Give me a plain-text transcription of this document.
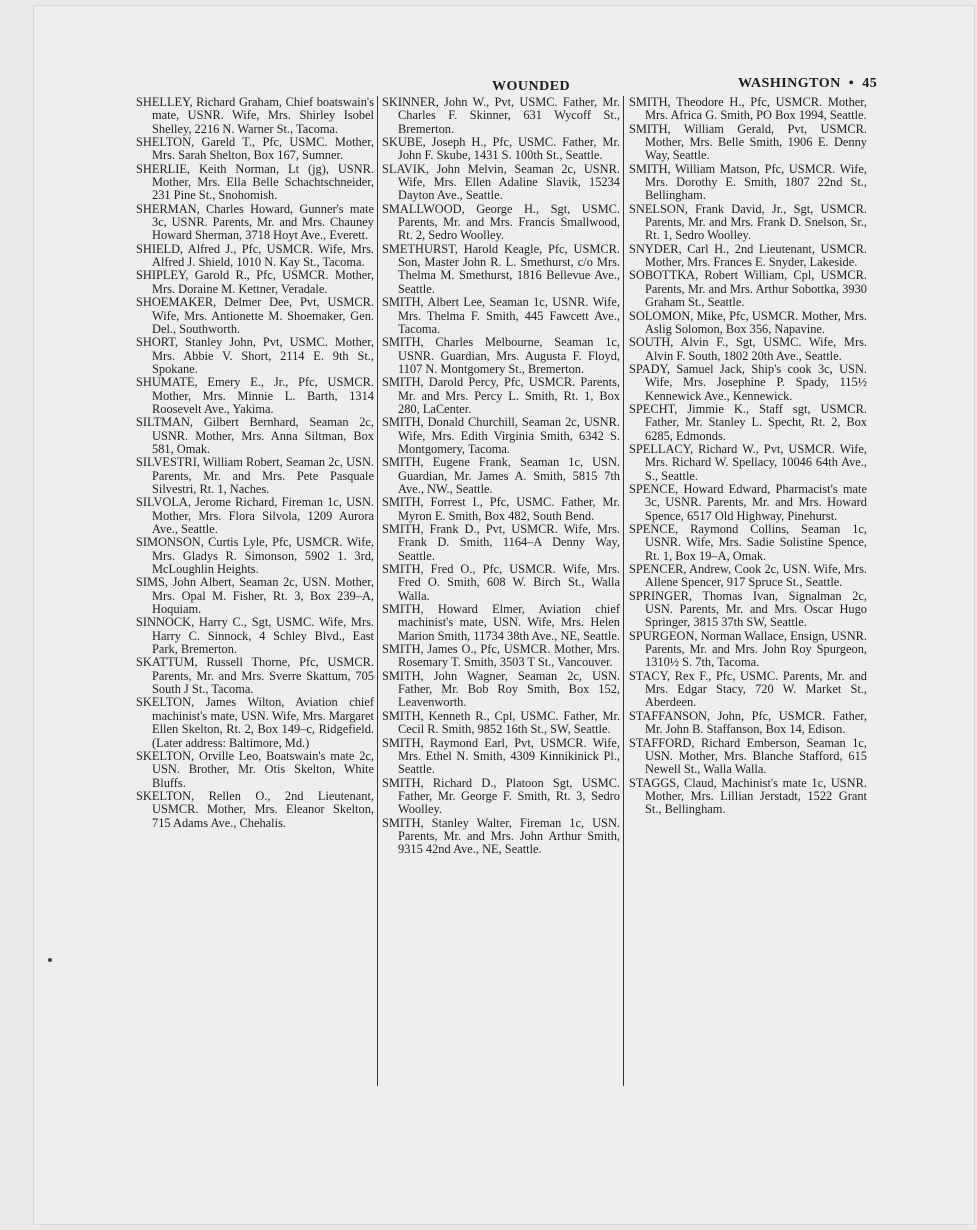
WOUNDED	WASHINGTON • 45

SHELLEY, Richard Graham, Chief boatswain's mate, USNR. Wife, Mrs. Shirley Isobel Shelley, 2216 N. Warner St., Tacoma.

SHELTON, Gareld T., Pfc, USMC. Mother, Mrs. Sarah Shelton, Box 167, Sumner.

SHERLIE, Keith Norman, Lt (jg), USNR. Mother, Mrs. Ella Belle Schachtschneider, 231 Pine St., Snohomish.

SHERMAN, Charles Howard, Gunner's mate 3c, USNR. Parents, Mr. and Mrs. Chauney Howard Sherman, 3718 Hoyt Ave., Everett.

SHIELD, Alfred J., Pfc, USMCR. Wife, Mrs. Alfred J. Shield, 1010 N. Kay St., Tacoma.

SHIPLEY, Garold R., Pfc, USMCR. Mother, Mrs. Doraine M. Kettner, Veradale.

SHOEMAKER, Delmer Dee, Pvt, USMCR. Wife, Mrs. Antionette M. Shoemaker, Gen. Del., Southworth.

SHORT, Stanley John, Pvt, USMC. Mother, Mrs. Abbie V. Short, 2114 E. 9th St., Spokane.

SHUMATE, Emery E., Jr., Pfc, USMCR. Mother, Mrs. Minnie L. Barth, 1314 Roosevelt Ave., Yakima.

SILTMAN, Gilbert Bernhard, Seaman 2c, USNR. Mother, Mrs. Anna Siltman, Box 581, Omak.

SILVESTRI, William Robert, Seaman 2c, USN. Parents, Mr. and Mrs. Pete Pasquale Silvestri, Rt. 1, Naches.

SILVOLA, Jerome Richard, Fireman 1c, USN. Mother, Mrs. Flora Silvola, 1209 Aurora Ave., Seattle.

SIMONSON, Curtis Lyle, Pfc, USMCR. Wife, Mrs. Gladys R. Simonson, 5902 1. 3rd, McLoughlin Heights.

SIMS, John Albert, Seaman 2c, USN. Mother, Mrs. Opal M. Fisher, Rt. 3, Box 239–A, Hoquiam.

SINNOCK, Harry C., Sgt, USMC. Wife, Mrs. Harry C. Sinnock, 4 Schley Blvd., East Park, Bremerton.

SKATTUM, Russell Thorne, Pfc, USMCR. Parents, Mr. and Mrs. Sverre Skattum, 705 South J St., Tacoma.

SKELTON, James Wilton, Aviation chief machinist's mate, USN. Wife, Mrs. Margaret Ellen Skelton, Rt. 2, Box 149–c, Ridgefield. (Later address: Baltimore, Md.)

SKELTON, Orville Leo, Boatswain's mate 2c, USN. Brother, Mr. Otis Skelton, White Bluffs.

SKELTON, Rellen O., 2nd Lieutenant, USMCR. Mother, Mrs. Eleanor Skelton, 715 Adams Ave., Chehalis.

SKINNER, John W., Pvt, USMC. Father, Mr. Charles F. Skinner, 631 Wycoff St., Bremerton.

SKUBE, Joseph H., Pfc, USMC. Father, Mr. John F. Skube, 1431 S. 100th St., Seattle.

SLAVIK, John Melvin, Seaman 2c, USNR. Wife, Mrs. Ellen Adaline Slavik, 15234 Dayton Ave., Seattle.

SMALLWOOD, George H., Sgt, USMC. Parents, Mr. and Mrs. Francis Smallwood, Rt. 2, Sedro Woolley.

SMETHURST, Harold Keagle, Pfc, USMCR. Son, Master John R. L. Smethurst, c/o Mrs. Thelma M. Smethurst, 1816 Bellevue Ave., Seattle.

SMITH, Albert Lee, Seaman 1c, USNR. Wife, Mrs. Thelma F. Smith, 445 Fawcett Ave., Tacoma.

SMITH, Charles Melbourne, Seaman 1c, USNR. Guardian, Mrs. Augusta F. Floyd, 1107 N. Montgomery St., Bremerton.

SMITH, Darold Percy, Pfc, USMCR. Parents, Mr. and Mrs. Percy L. Smith, Rt. 1, Box 280, LaCenter.

SMITH, Donald Churchill, Seaman 2c, USNR. Wife, Mrs. Edith Virginia Smith, 6342 S. Montgomery, Tacoma.

SMITH, Eugene Frank, Seaman 1c, USN. Guardian, Mr. James A. Smith, 5815 7th Ave., NW., Seattle.

SMITH, Forrest I., Pfc, USMC. Father, Mr. Myron E. Smith, Box 482, South Bend.

SMITH, Frank D., Pvt, USMCR. Wife, Mrs. Frank D. Smith, 1164–A Denny Way, Seattle.

SMITH, Fred O., Pfc, USMCR. Wife, Mrs. Fred O. Smith, 608 W. Birch St., Walla Walla.

SMITH, Howard Elmer, Aviation chief machinist's mate, USN. Wife, Mrs. Helen Marion Smith, 11734 38th Ave., NE, Seattle.

SMITH, James O., Pfc, USMCR. Mother, Mrs. Rosemary T. Smith, 3503 T St., Vancouver.

SMITH, John Wagner, Seaman 2c, USN. Father, Mr. Bob Roy Smith, Box 152, Leavenworth.

SMITH, Kenneth R., Cpl, USMC. Father, Mr. Cecil R. Smith, 9852 16th St., SW, Seattle.

SMITH, Raymond Earl, Pvt, USMCR. Wife, Mrs. Ethel N. Smith, 4309 Kinnikinick Pl., Seattle.

SMITH, Richard D., Platoon Sgt, USMC. Father, Mr. George F. Smith, Rt. 3, Sedro Woolley.

SMITH, Stanley Walter, Fireman 1c, USN. Parents, Mr. and Mrs. John Arthur Smith, 9315 42nd Ave., NE, Seattle.

SMITH, Theodore H., Pfc, USMCR. Mother, Mrs. Africa G. Smith, PO Box 1994, Seattle.

SMITH, William Gerald, Pvt, USMCR. Mother, Mrs. Belle Smith, 1906 E. Denny Way, Seattle.

SMITH, William Matson, Pfc, USMCR. Wife, Mrs. Dorothy E. Smith, 1807 22nd St., Bellingham.

SNELSON, Frank David, Jr., Sgt, USMCR. Parents, Mr. and Mrs. Frank D. Snelson, Sr., Rt. 1, Sedro Woolley.

SNYDER, Carl H., 2nd Lieutenant, USMCR. Mother, Mrs. Frances E. Snyder, Lakeside.

SOBOTTKA, Robert William, Cpl, USMCR. Parents, Mr. and Mrs. Arthur Sobottka, 3930 Graham St., Seattle.

SOLOMON, Mike, Pfc, USMCR. Mother, Mrs. Aslig Solomon, Box 356, Napavine.

SOUTH, Alvin F., Sgt, USMC. Wife, Mrs. Alvin F. South, 1802 20th Ave., Seattle.

SPADY, Samuel Jack, Ship's cook 3c, USN. Wife, Mrs. Josephine P. Spady, 115½ Kennewick Ave., Kennewick.

SPECHT, Jimmie K., Staff sgt, USMCR. Father, Mr. Stanley L. Specht, Rt. 2, Box 6285, Edmonds.

SPELLACY, Richard W., Pvt, USMCR. Wife, Mrs. Richard W. Spellacy, 10046 64th Ave., S., Seattle.

SPENCE, Howard Edward, Pharmacist's mate 3c, USNR. Parents, Mr. and Mrs. Howard Spence, 6517 Old Highway, Pinehurst.

SPENCE, Raymond Collins, Seaman 1c, USNR. Wife, Mrs. Sadie Solistine Spence, Rt. 1, Box 19–A, Omak.

SPENCER, Andrew, Cook 2c, USN. Wife, Mrs. Allene Spencer, 917 Spruce St., Seattle.

SPRINGER, Thomas Ivan, Signalman 2c, USN. Parents, Mr. and Mrs. Oscar Hugo Springer, 3815 37th SW, Seattle.

SPURGEON, Norman Wallace, Ensign, USNR. Parents, Mr. and Mrs. John Roy Spurgeon, 1310½ S. 7th, Tacoma.

STACY, Rex F., Pfc, USMC. Parents, Mr. and Mrs. Edgar Stacy, 720 W. Market St., Aberdeen.

STAFFANSON, John, Pfc, USMCR. Father, Mr. John B. Staffanson, Box 14, Edison.

STAFFORD, Richard Emberson, Seaman 1c, USN. Mother, Mrs. Blanche Stafford, 615 Newell St., Walla Walla.

STAGGS, Claud, Machinist's mate 1c, USNR. Mother, Mrs. Lillian Jerstadt, 1522 Grant St., Bellingham.
